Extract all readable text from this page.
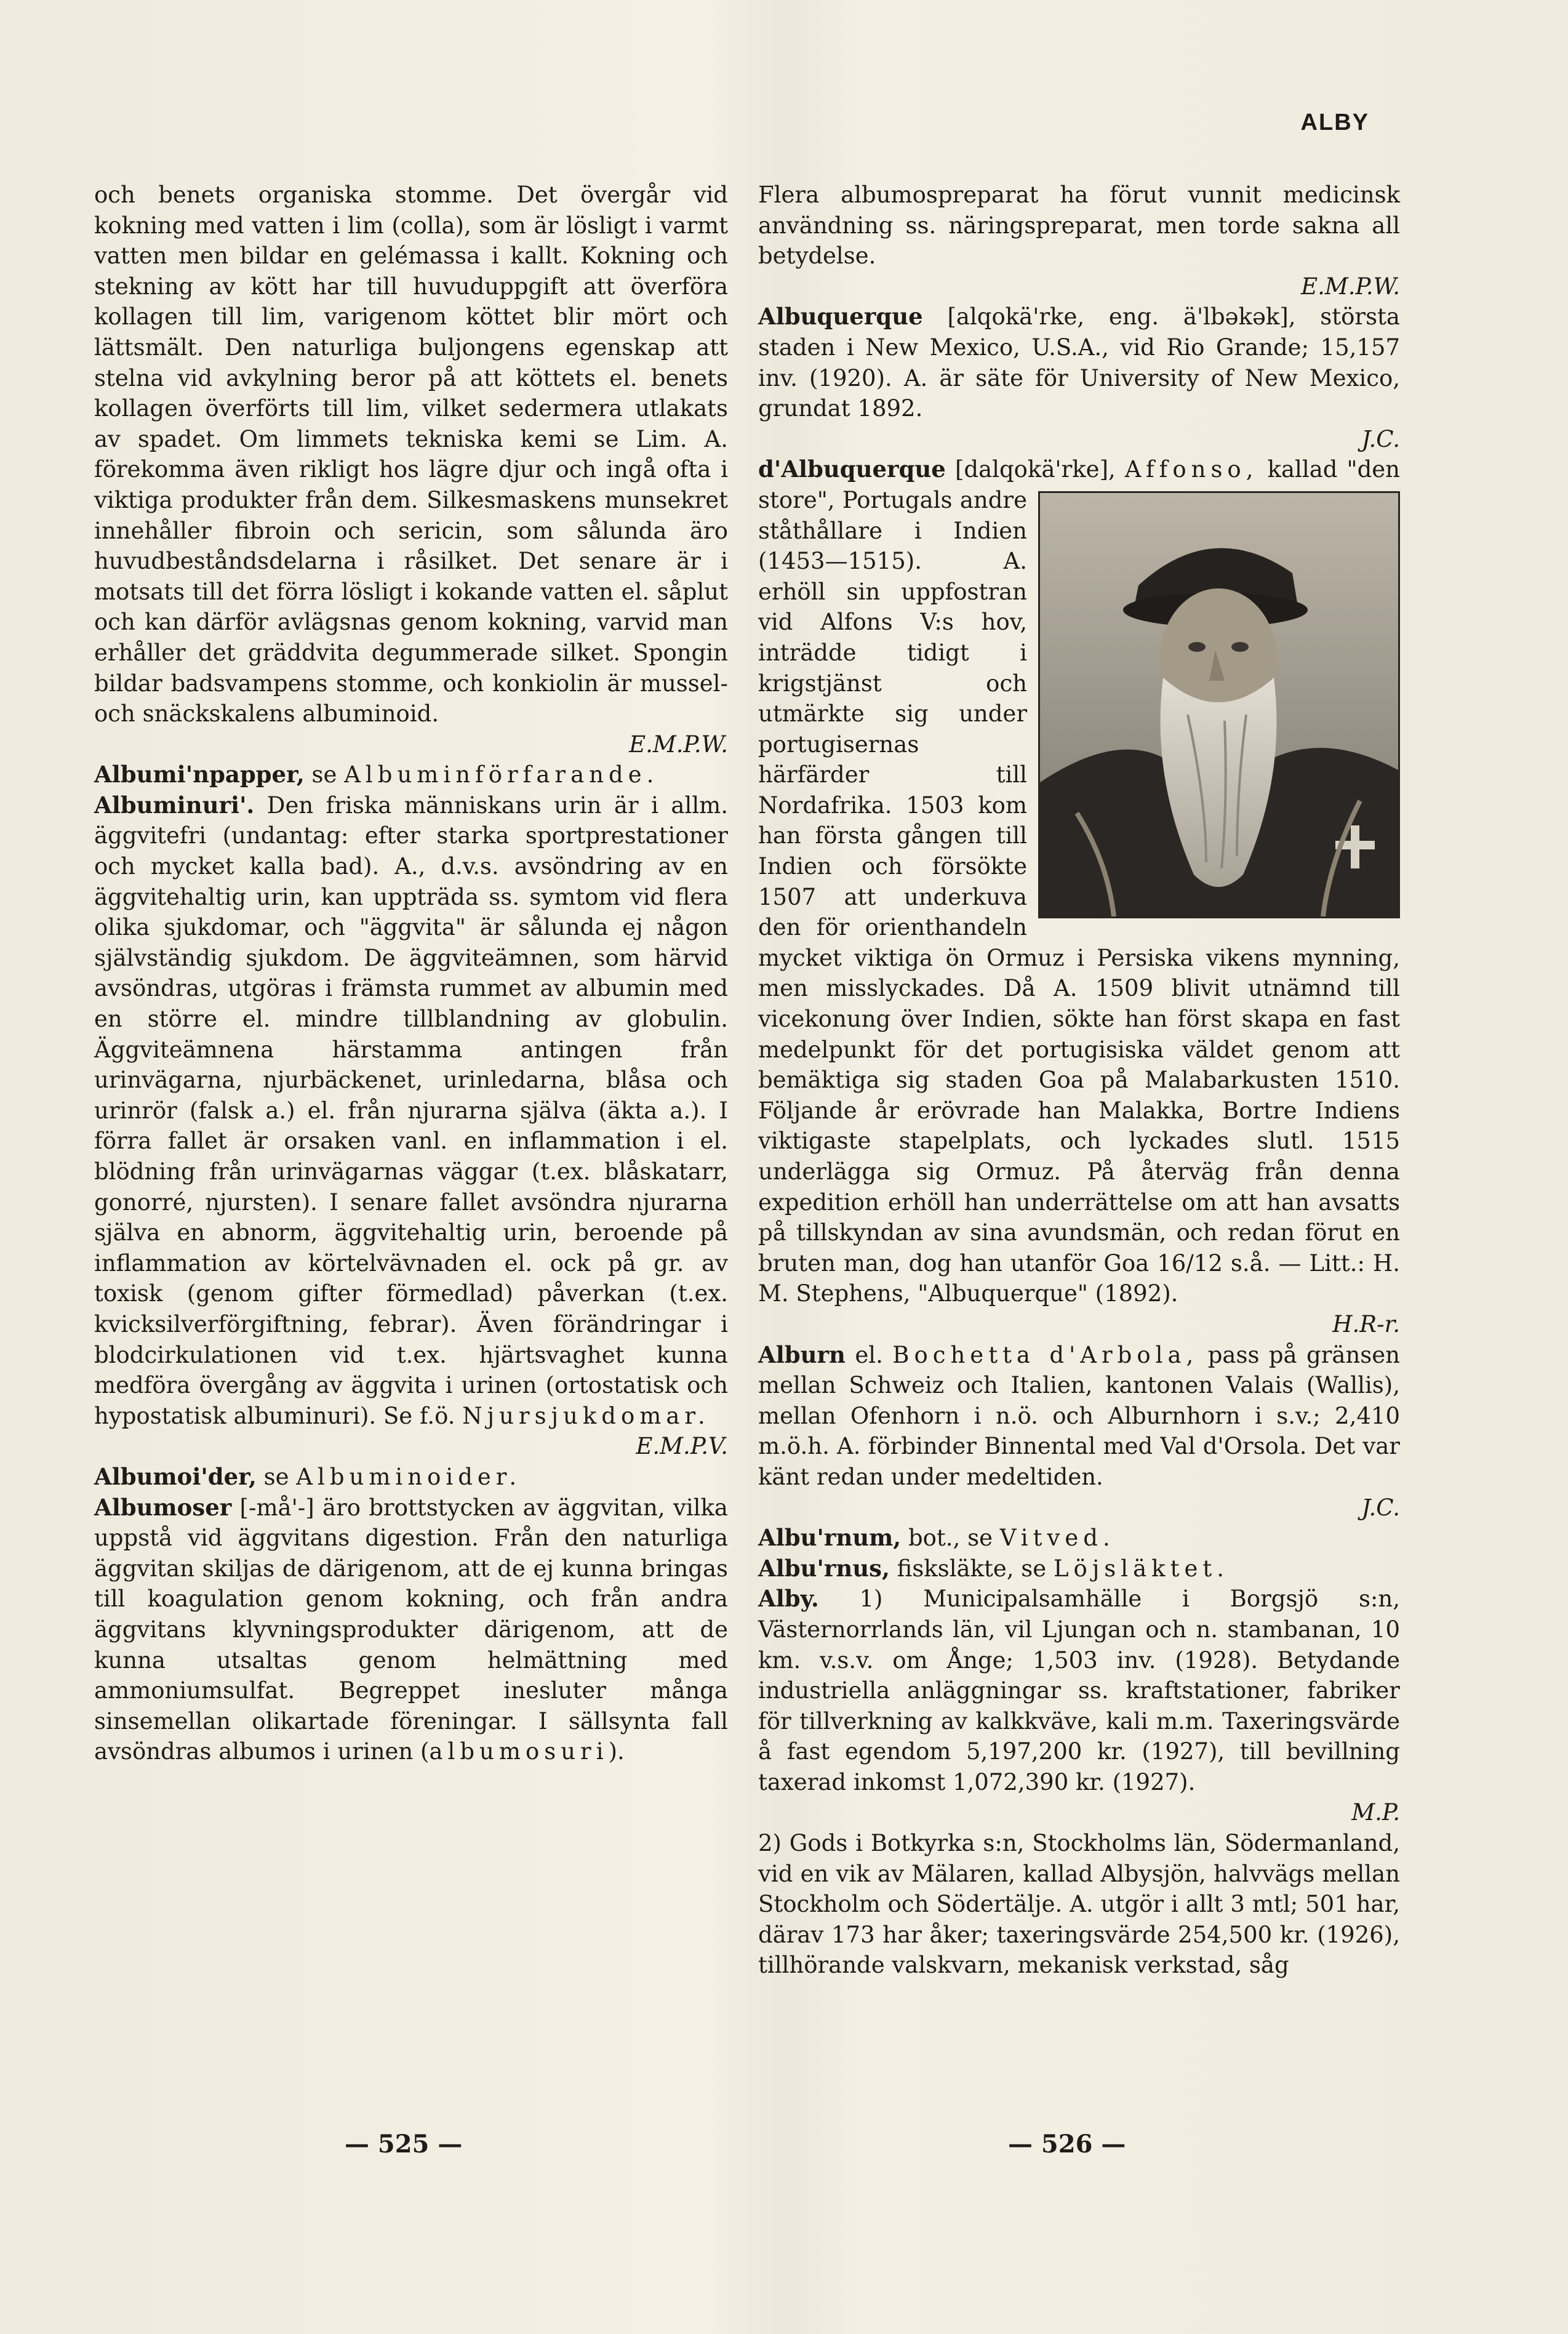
ALBY

och benets organiska stomme. Det övergår vid kokning med vatten i lim (colla), som är lösligt i varmt vatten men bildar en gelémassa i kallt. Kokning och stekning av kött har till huvuduppgift att överföra kollagen till lim, varigenom köttet blir mört och lättsmält. Den naturliga buljongens egenskap att stelna vid avkylning beror på att köttets el. benets kollagen överförts till lim, vilket sedermera utlakats av spadet. Om limmets tekniska kemi se Lim. A. förekomma även rikligt hos lägre djur och ingå ofta i viktiga produkter från dem. Silkesmaskens munsekret innehåller fibroin och sericin, som sålunda äro huvudbeståndsdelarna i råsilket. Det senare är i motsats till det förra lösligt i kokande vatten el. såplut och kan därför avlägsnas genom kokning, varvid man erhåller det gräddvita degummerade silket. Spongin bildar badsvampens stomme, och konkiolin är mussel- och snäckskalens albuminoid.

E.M.P.W.

Albumi'npapper, se Albuminförfarande.

Albuminuri'. Den friska människans urin är i allm. äggvitefri (undantag: efter starka sportprestationer och mycket kalla bad). A., d.v.s. avsöndring av en äggvitehaltig urin, kan uppträda ss. symtom vid flera olika sjukdomar, och "äggvita" är sålunda ej någon självständig sjukdom. De äggviteämnen, som härvid avsöndras, utgöras i främsta rummet av albumin med en större el. mindre tillblandning av globulin. Äggviteämnena härstamma antingen från urinvägarna, njurbäckenet, urinledarna, blåsa och urinrör (falsk a.) el. från njurarna själva (äkta a.). I förra fallet är orsaken vanl. en inflammation i el. blödning från urinvägarnas väggar (t.ex. blåskatarr, gonorré, njursten). I senare fallet avsöndra njurarna själva en abnorm, äggvitehaltig urin, beroende på inflammation av körtelvävnaden el. ock på gr. av toxisk (genom gifter förmedlad) påverkan (t.ex. kvicksilverförgiftning, febrar). Även förändringar i blodcirkulationen vid t.ex. hjärtsvaghet kunna medföra övergång av äggvita i urinen (ortostatisk och hypostatisk albuminuri). Se f.ö. Njursjukdomar.

E.M.P.V.

Albumoi'der, se Albuminoider.

Albumoser [-må'-] äro brottstycken av äggvitan, vilka uppstå vid äggvitans digestion. Från den naturliga äggvitan skiljas de därigenom, att de ej kunna bringas till koagulation genom kokning, och från andra äggvitans klyvningsprodukter därigenom, att de kunna utsaltas genom helmättning med ammoniumsulfat. Begreppet inesluter många sinsemellan olikartade föreningar. I sällsynta fall avsöndras albumos i urinen (albumosuri).

Flera albumospreparat ha förut vunnit medicinsk användning ss. näringspreparat, men torde sakna all betydelse.

E.M.P.W.

Albuquerque [alqokä'rke, eng. ä'lbəkək], största staden i New Mexico, U.S.A., vid Rio Grande; 15,157 inv. (1920). A. är säte för University of New Mexico, grundat 1892.

J.C.

d'Albuquerque [dalqokä'rke], Affonso,
kallad "den store", Portugals andre ståthållare i Indien (1453—1515). A. erhöll sin uppfostran vid Alfons V:s hov, inträdde tidigt i krigstjänst och utmärkte sig under portugisernas härfärder till Nordafrika. 1503 kom han första gången till Indien och försökte 1507 att underkuva den för orienthandeln mycket viktiga ön Ormuz i Persiska vikens mynning, men misslyckades. Då A. 1509 blivit utnämnd till vicekonung över Indien, sökte han först skapa en fast medelpunkt för det portugisiska väldet genom att bemäktiga sig staden Goa på Malabarkusten 1510. Följande år erövrade han Malakka, Bortre Indiens viktigaste stapelplats, och lyckades slutl. 1515 underlägga sig Ormuz. På återväg från denna expedition erhöll han underrättelse om att han avsatts på tillskyndan av sina avundsmän, och redan förut en bruten man, dog han utanför Goa 16/12 s.å. — Litt.: H. M. Stephens, "Albuquerque" (1892).

H.R-r.

Alburn el. Bochetta d'Arbola, pass på gränsen mellan Schweiz och Italien, kantonen Valais (Wallis), mellan Ofenhorn i n.ö. och Alburnhorn i s.v.; 2,410 m.ö.h. A. förbinder Binnental med Val d'Orsola. Det var känt redan under medeltiden.

J.C.

Albu'rnum, bot., se Vitved.

Albu'rnus, fisksläkte, se Löjsläktet.

Alby. 1) Municipalsamhälle i Borgsjö s:n, Västernorrlands län, vil Ljungan och n. stambanan, 10 km. v.s.v. om Ånge; 1,503 inv. (1928). Betydande industriella anläggningar ss. kraftstationer, fabriker för tillverkning av kalkkväve, kali m.m. Taxeringsvärde å fast egendom 5,197,200 kr. (1927), till bevillning taxerad inkomst 1,072,390 kr. (1927).

M.P.

2) Gods i Botkyrka s:n, Stockholms län, Södermanland, vid en vik av Mälaren, kallad Albysjön, halvvägs mellan Stockholm och Södertälje. A. utgör i allt 3 mtl; 501 har, därav 173 har åker; taxeringsvärde 254,500 kr. (1926), tillhörande valskvarn, mekanisk verkstad, såg

— 525 —	— 526 —
